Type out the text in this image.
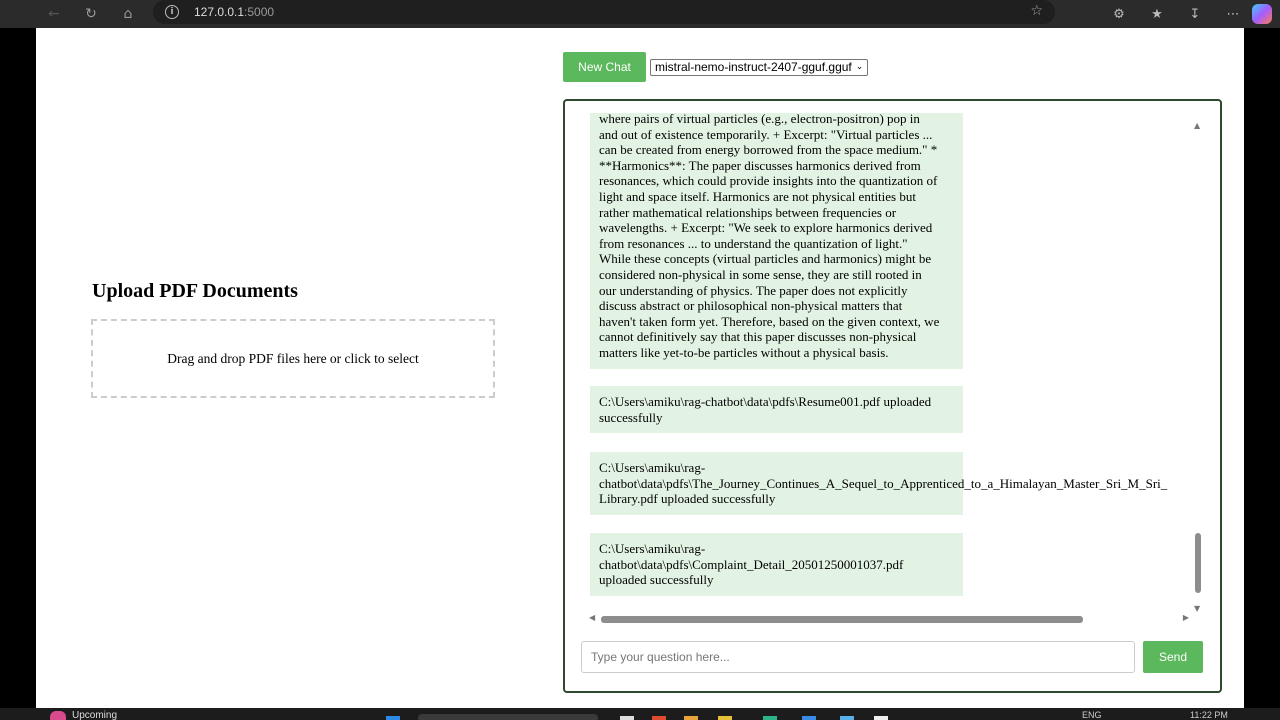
←	↻	⌂	i	127.0.0.1:5000	☆	⚙	★	↧	⋯
Upload PDF Documents
Drag and drop PDF files here or click to select
New Chat	mistral-nemo-instruct-2407-gguf.gguf ⌄
where pairs of virtual particles (e.g., electron-positron) pop in
and out of existence temporarily. + Excerpt: "Virtual particles ...
can be created from energy borrowed from the space medium." *
**Harmonics**: The paper discusses harmonics derived from
resonances, which could provide insights into the quantization of
light and space itself. Harmonics are not physical entities but
rather mathematical relationships between frequencies or
wavelengths. + Excerpt: "We seek to explore harmonics derived
from resonances ... to understand the quantization of light."
While these concepts (virtual particles and harmonics) might be
considered non-physical in some sense, they are still rooted in
our understanding of physics. The paper does not explicitly
discuss abstract or philosophical non-physical matters that
haven't taken form yet. Therefore, based on the given context, we
cannot definitively say that this paper discusses non-physical
matters like yet-to-be particles without a physical basis.
C:\Users\amiku\rag-chatbot\data\pdfs\Resume001.pdf uploaded
successfully
C:\Users\amiku\rag-
chatbot\data\pdfs\The_Journey_Continues_A_Sequel_to_Apprenticed_to_a_Himalayan_Master_Sri_M_Sri_
Library.pdf uploaded successfully
C:\Users\amiku\rag-
chatbot\data\pdfs\Complaint_Detail_20501250001037.pdf
uploaded successfully
▲
▼
◀	▶
Type your question here...
Send
Upcoming	ENG	11:22 PM
